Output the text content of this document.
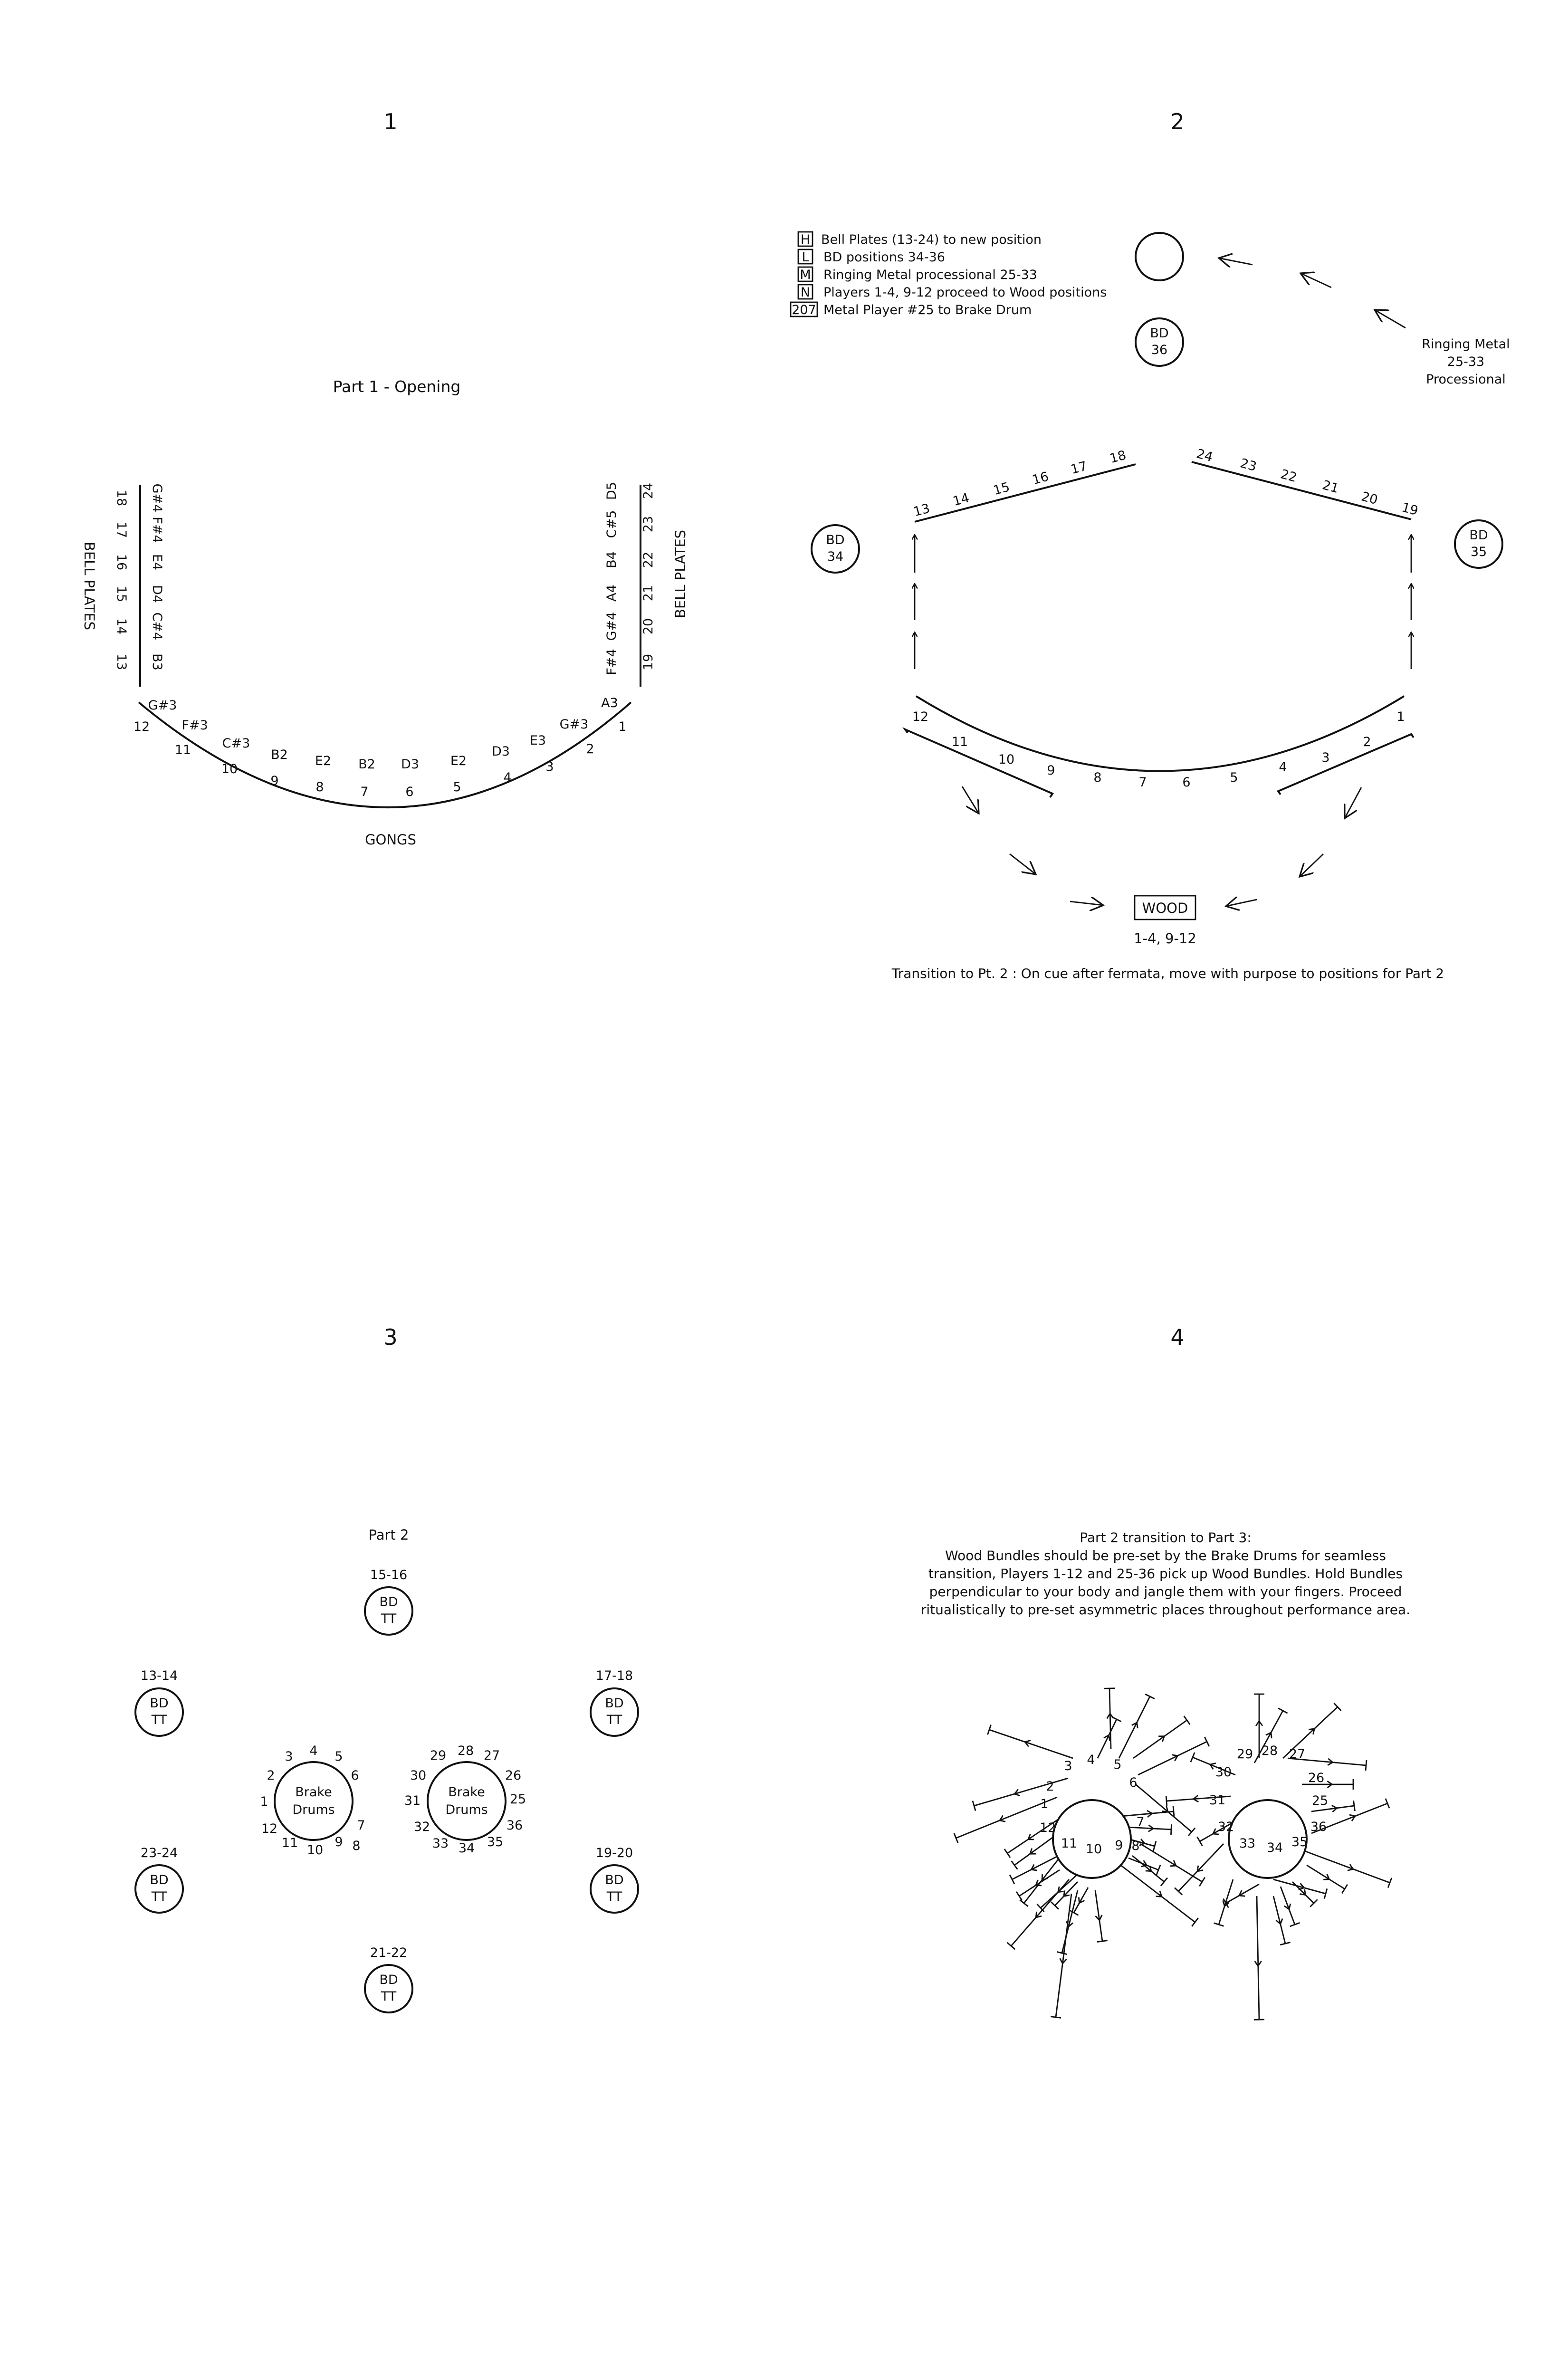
1	2
3	4
Part 1 - Opening
18 G#4
17 F#4
16 E4
15 D4
14 C#4
13 B3
BELL PLATES
D5 24
C#5 23
B4 22
A4 21
G#4 20
F#4 19
BELL PLATES
G#3
12 F#3
11 C#3
10
B2
9
E2
8
B2
7
D3
6
E2
5
D3
4
E3
3
G#3
2
A3
1
GONGS
H Bell Plates (13-24) to new position
L BD positions 34-36
M Ringing Metal processional 25-33
N Players 1-4, 9-12 proceed to Wood positions
207 Metal Player #25 to Brake Drum
BD
36	Ringing Metal
25-33
Processional
13
14
15
16
17
18	24
23
22
21
20
19
BD
34
BD
35
12
11
10
9	8	7	6	5
4
3
2
1
WOOD
1-4, 9-12
Transition to Pt. 2 : On cue after fermata, move with purpose to positions for Part 2
Part 2
15-16
BD
TT
13-14
BD
TT
17-18
BD
TT
23-24
BD
TT
19-20
BD
TT
21-22
BD
TT
Brake
Drums
1
2
3 4 5
6
7
8
9
10
11
12
Brake
Drums
25
26
27
28
29
30
31
32
33 34 35
36
Part 2 transition to Part 3:
Wood Bundles should be pre-set by the Brake Drums for seamless
transition, Players 1-12 and 25-36 pick up Wood Bundles. Hold Bundles
perpendicular to your body and jangle them with your fingers. Proceed
ritualistically to pre-set asymmetric places throughout performance area.
1
2
3 4 5
6
7
8
9
10
11
12
25
26
27
28
29
30
31
32
33 34 35
36
